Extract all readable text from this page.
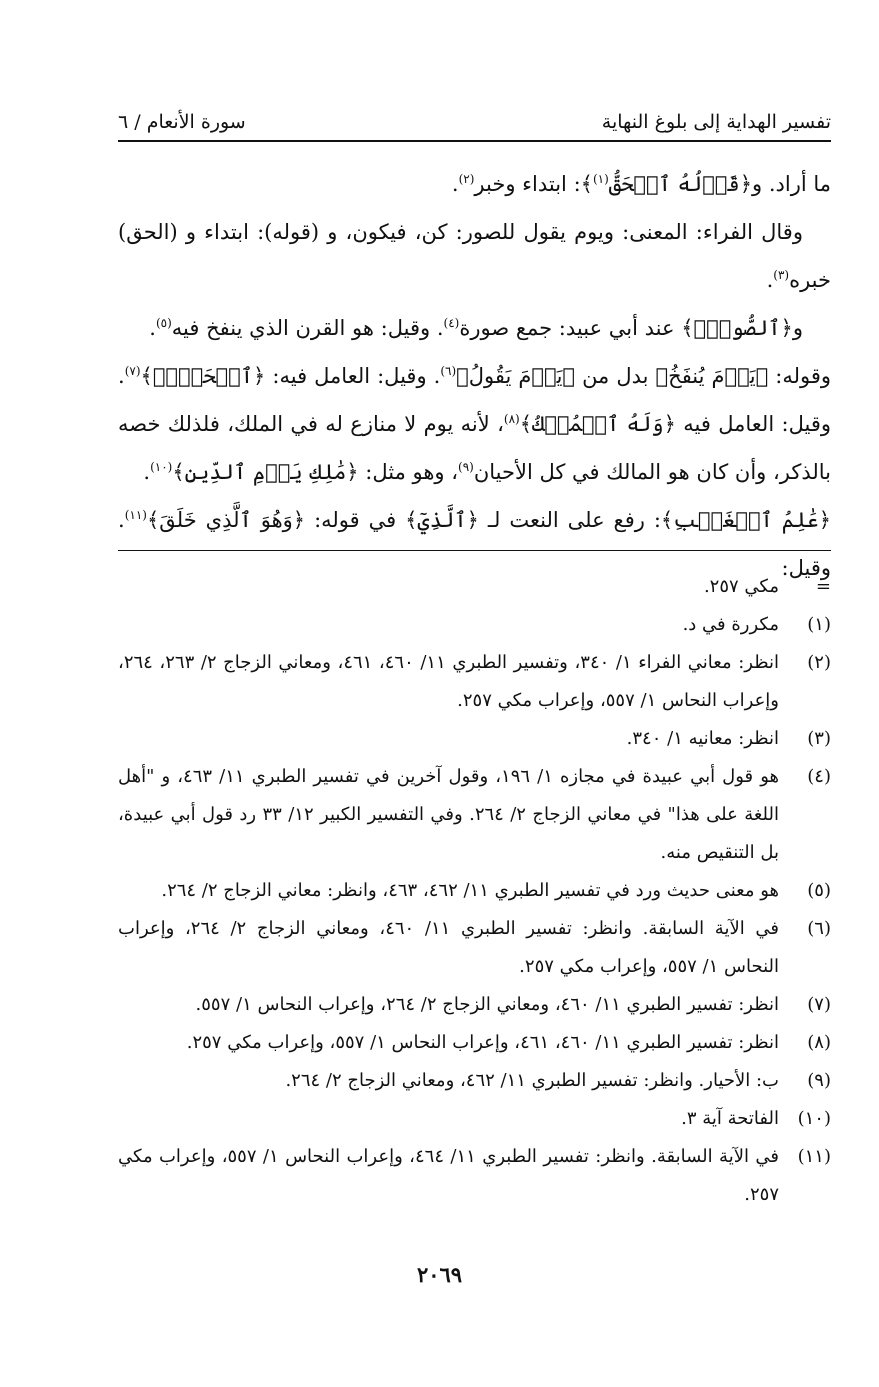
تفسير الهداية إلى بلوغ النهاية
سورة الأنعام / ٦

ما أراد. و﴿قَوۡلُهُ ٱلۡحَقُّ$^{(١)}$﴾: ابتداء وخبر$^{(٢)}$.

وقال الفراء: المعنى: ويوم يقول للصور: كن، فيكون، و (قوله): ابتداء و (الحق) خبره$^{(٣)}$.

و﴿ٱلصُّورِۚ﴾ عند أبي عبيد: جمع صورة$^{(٤)}$. وقيل: هو القرن الذي ينفخ فيه$^{(٥)}$.

وقوله: ﴿يَوۡمَ يُنفَخُ﴾ بدل من ﴿يَوۡمَ يَقُولُ﴾$^{(٦)}$. وقيل: العامل فيه: ﴿ٱلۡحَقُّۚ﴾$^{(٧)}$. وقيل: العامل فيه ﴿وَلَهُ ٱلۡمُلۡكُ﴾$^{(٨)}$، لأنه يوم لا منازع له في الملك، فلذلك خصه بالذكر، وأن كان هو المالك في كل الأحيان$^{(٩)}$، وهو مثل: ﴿مَٰلِكِ يَوۡمِ ٱلدِّينِ﴾$^{(١٠)}$.

﴿عَٰلِمُ ٱلۡغَيۡبِ﴾: رفع على النعت لـ ﴿ٱلَّذِيٓ﴾ في قوله: ﴿وَهُوَ ٱلَّذِي خَلَقَ﴾$^{(١١)}$. وقيل:

=
مكي ٢٥٧.
(١)
مكررة في د.
(٢)
انظر: معاني الفراء ١/ ٣٤٠، وتفسير الطبري ١١/ ٤٦٠، ٤٦١، ومعاني الزجاج ٢/ ٢٦٣، ٢٦٤، وإعراب النحاس ١/ ٥٥٧، وإعراب مكي ٢٥٧.
(٣)
انظر: معانيه ١/ ٣٤٠.
(٤)
هو قول أبي عبيدة في مجازه ١/ ١٩٦، وقول آخرين في تفسير الطبري ١١/ ٤٦٣، و "أهل اللغة على هذا" في معاني الزجاج ٢/ ٢٦٤. وفي التفسير الكبير ١٢/ ٣٣ رد قول أبي عبيدة، بل التنقيص منه.
(٥)
هو معنى حديث ورد في تفسير الطبري ١١/ ٤٦٢، ٤٦٣، وانظر: معاني الزجاج ٢/ ٢٦٤.
(٦)
في الآية السابقة. وانظر: تفسير الطبري ١١/ ٤٦٠، ومعاني الزجاج ٢/ ٢٦٤، وإعراب النحاس ١/ ٥٥٧، وإعراب مكي ٢٥٧.
(٧)
انظر: تفسير الطبري ١١/ ٤٦٠، ومعاني الزجاج ٢/ ٢٦٤، وإعراب النحاس ١/ ٥٥٧.
(٨)
انظر: تفسير الطبري ١١/ ٤٦٠، ٤٦١، وإعراب النحاس ١/ ٥٥٧، وإعراب مكي ٢٥٧.
(٩)
ب: الأحيار. وانظر: تفسير الطبري ١١/ ٤٦٢، ومعاني الزجاج ٢/ ٢٦٤.
(١٠)
الفاتحة آية ٣.
(١١)
في الآية السابقة. وانظر: تفسير الطبري ١١/ ٤٦٤، وإعراب النحاس ١/ ٥٥٧، وإعراب مكي ٢٥٧.
٢٠٦٩
